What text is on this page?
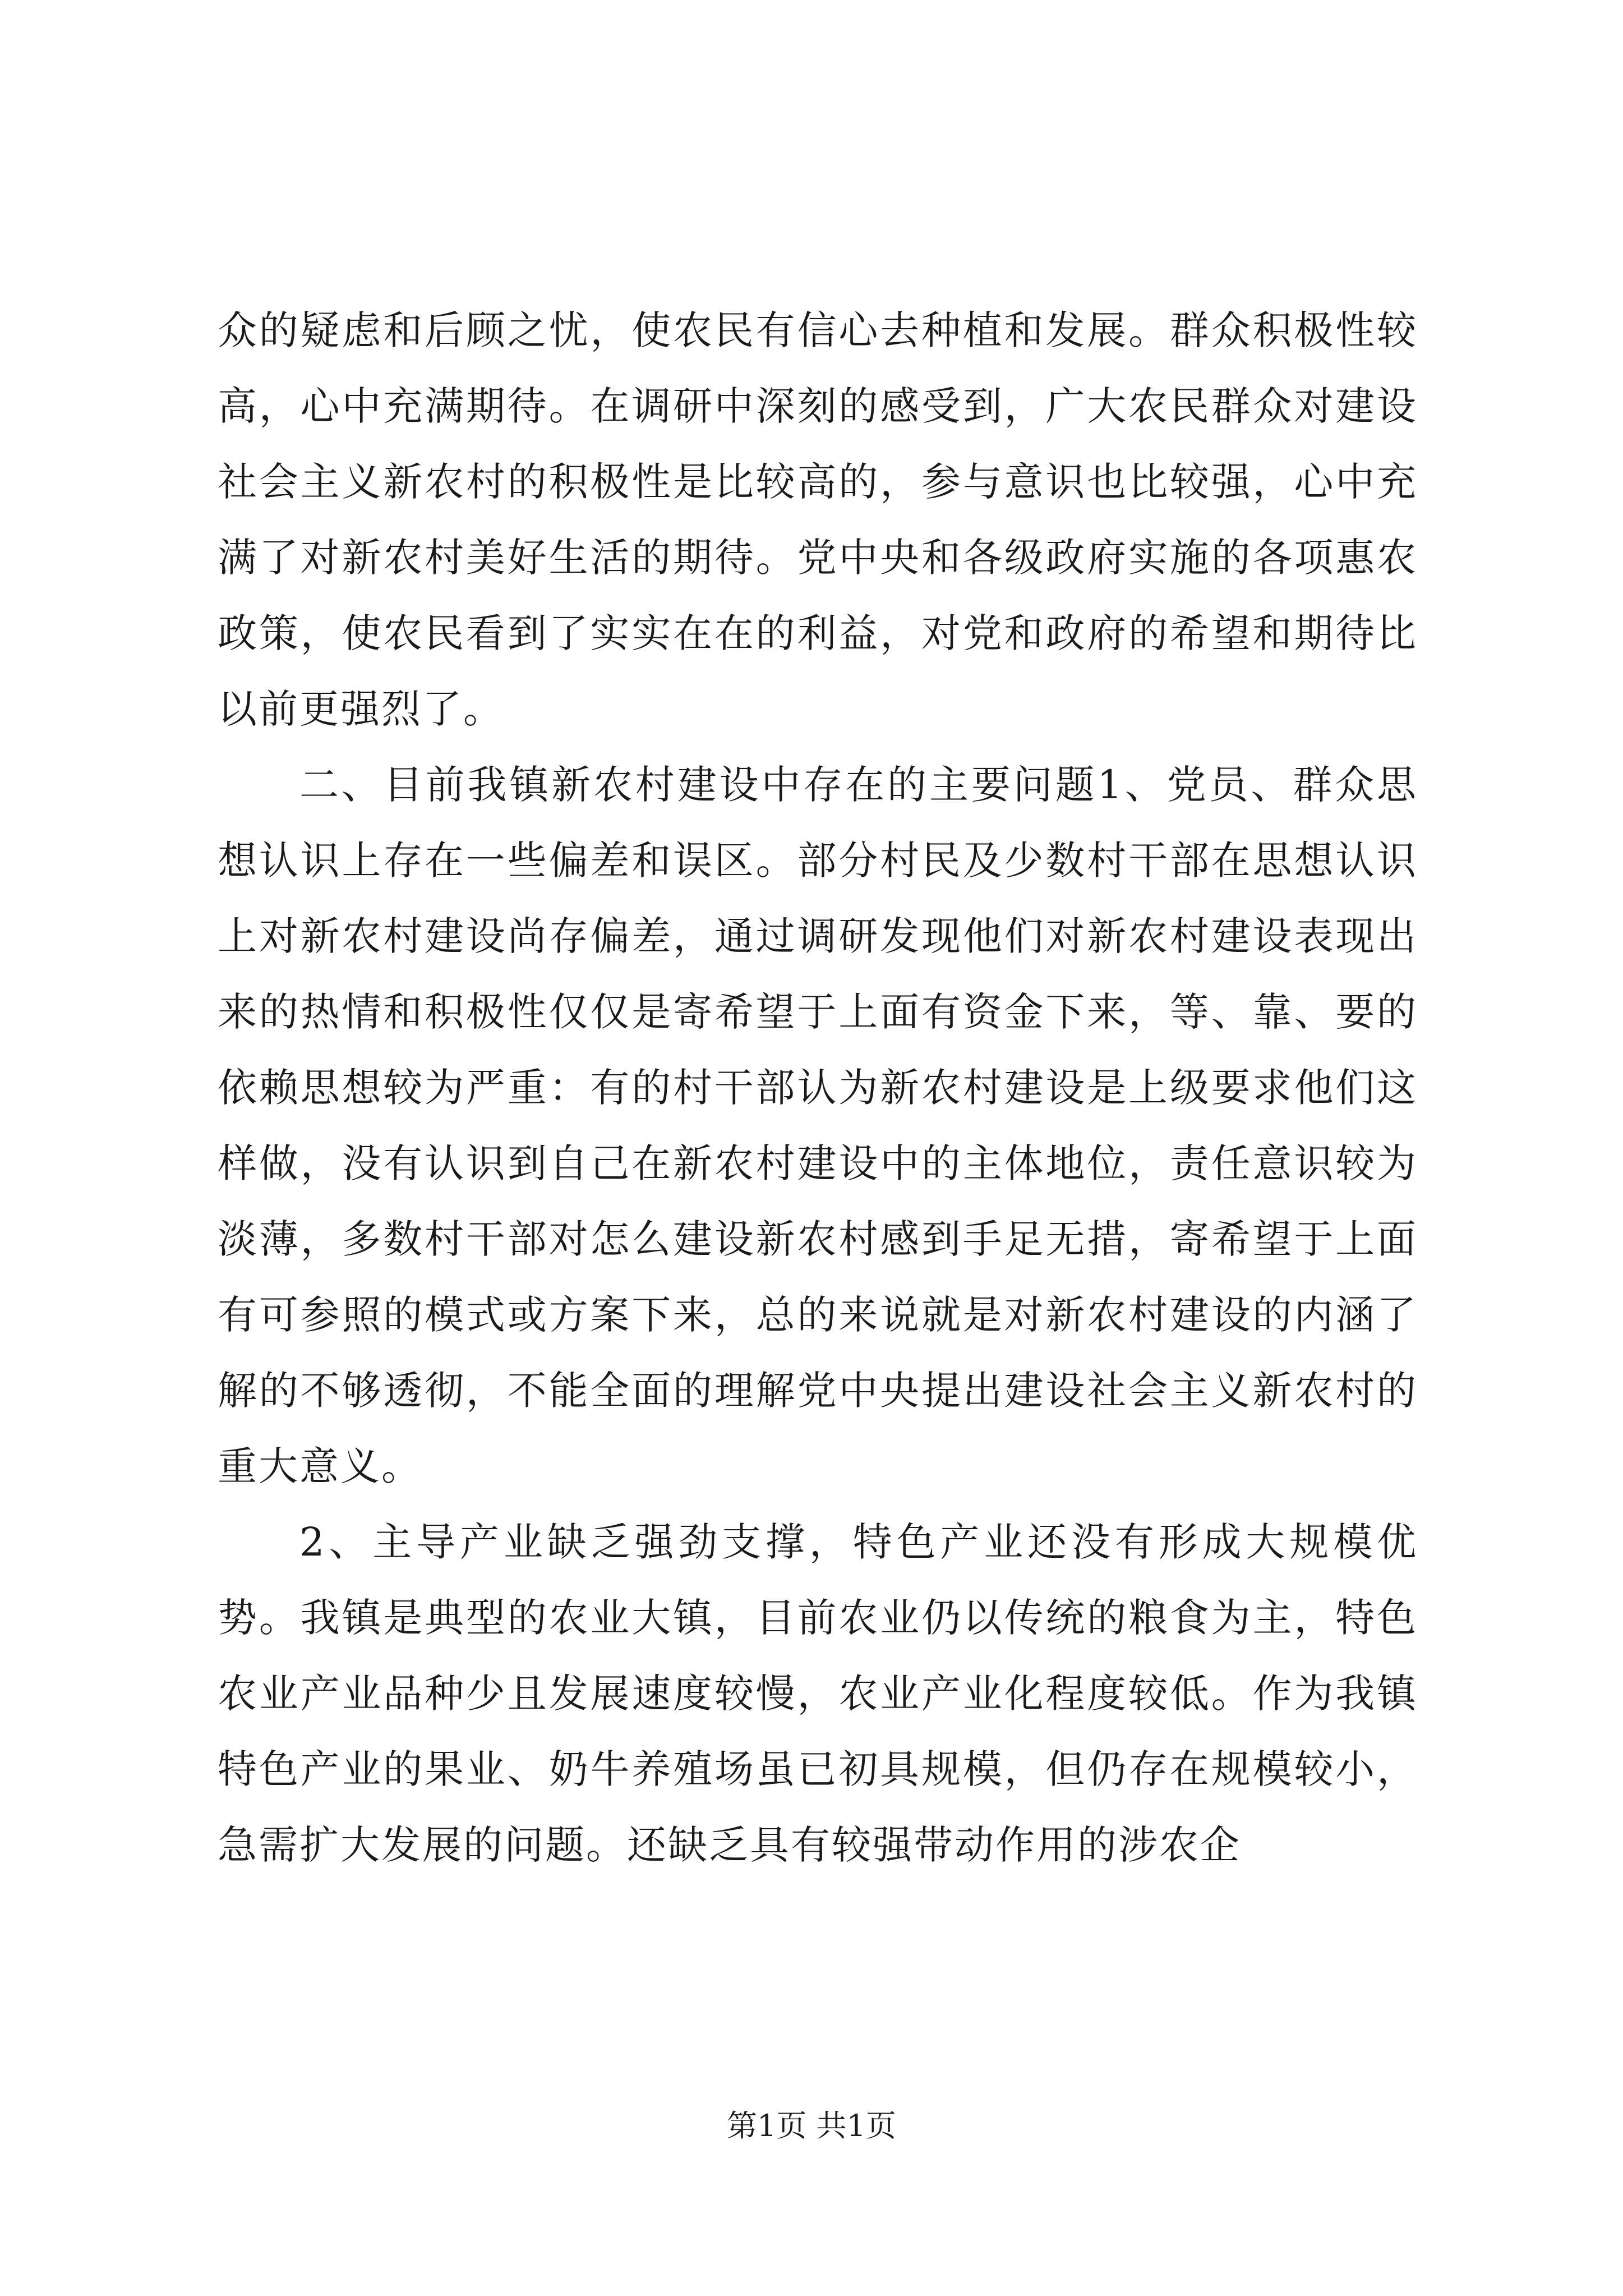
众的疑虑和后顾之忧，使农民有信心去种植和发展。群众积极性较高，心中充满期待。在调研中深刻的感受到，广大农民群众对建设社会主义新农村的积极性是比较高的，参与意识也比较强，心中充满了对新农村美好生活的期待。党中央和各级政府实施的各项惠农政策，使农民看到了实实在在的利益，对党和政府的希望和期待比以前更强烈了。

二、目前我镇新农村建设中存在的主要问题1、党员、群众思想认识上存在一些偏差和误区。部分村民及少数村干部在思想认识上对新农村建设尚存偏差，通过调研发现他们对新农村建设表现出来的热情和积极性仅仅是寄希望于上面有资金下来，等、靠、要的依赖思想较为严重：有的村干部认为新农村建设是上级要求他们这样做，没有认识到自己在新农村建设中的主体地位，责任意识较为淡薄，多数村干部对怎么建设新农村感到手足无措，寄希望于上面有可参照的模式或方案下来，总的来说就是对新农村建设的内涵了解的不够透彻，不能全面的理解党中央提出建设社会主义新农村的重大意义。

2、主导产业缺乏强劲支撑，特色产业还没有形成大规模优势。我镇是典型的农业大镇，目前农业仍以传统的粮食为主，特色农业产业品种少且发展速度较慢，农业产业化程度较低。作为我镇特色产业的果业、奶牛养殖场虽已初具规模，但仍存在规模较小，急需扩大发展的问题。还缺乏具有较强带动作用的涉农企

第1页 共1页
